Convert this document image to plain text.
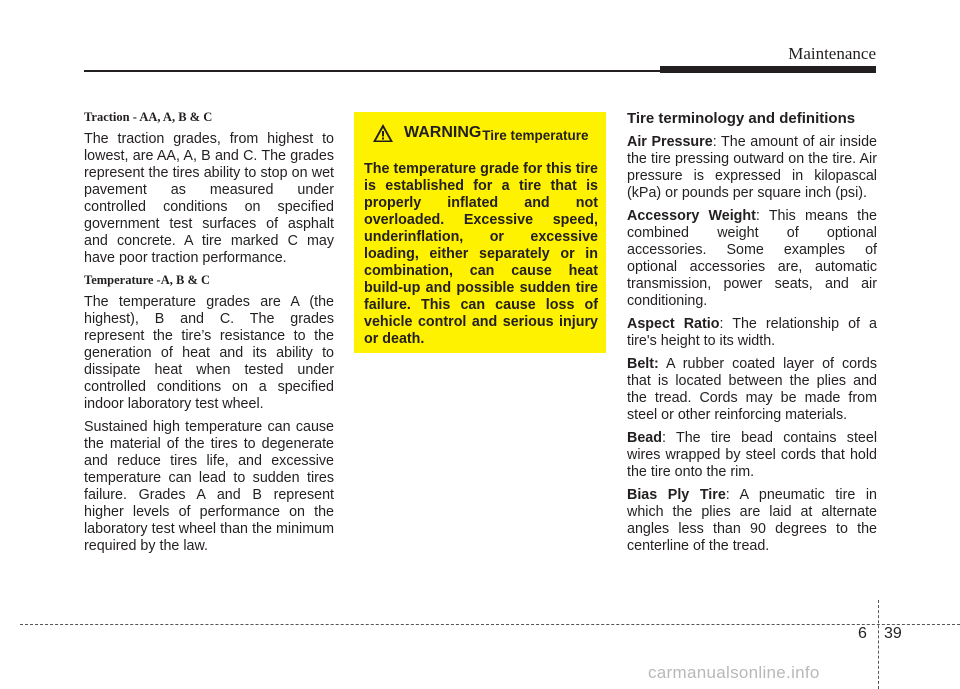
Maintenance

Traction - AA, A, B & C

The traction grades, from highest to lowest, are AA, A, B and C. The grades represent the tires ability to stop on wet pavement as measured under controlled conditions on specified government test surfaces of asphalt and concrete. A tire marked C may have poor traction performance.

Temperature -A, B & C

The temperature grades are A (the highest), B and C. The grades represent the tire’s resistance to the generation of heat and its ability to dissipate heat when tested under controlled conditions on a specified indoor laboratory test wheel.

Sustained high temperature can cause the material of the tires to degenerate and reduce tires life, and excessive temperature can lead to sudden tires failure. Grades A and B represent higher levels of performance on the laboratory test wheel than the minimum required by the law.

WARNING
- Tire temperature

The temperature grade for this tire is established for a tire that is properly inflated and not overloaded. Excessive speed, underinflation, or excessive loading, either separately or in combination, can cause heat build-up and possible sudden tire failure. This can cause loss of vehicle control and serious injury or death.

Tire terminology and definitions

Air Pressure: The amount of air inside the tire pressing outward on the tire. Air pressure is expressed in kilopascal (kPa) or pounds per square inch (psi).

Accessory Weight: This means the combined weight of optional accessories. Some examples of optional accessories are, automatic transmission, power seats, and air conditioning.

Aspect Ratio: The relationship of a tire's height to its width.

Belt: A rubber coated layer of cords that is located between the plies and the tread. Cords may be made from steel or other reinforcing materials.

Bead: The tire bead contains steel wires wrapped by steel cords that hold the tire onto the rim.

Bias Ply Tire: A pneumatic tire in which the plies are laid at alternate angles less than 90 degrees to the centerline of the tread.

6 39
carmanualsonline.info
